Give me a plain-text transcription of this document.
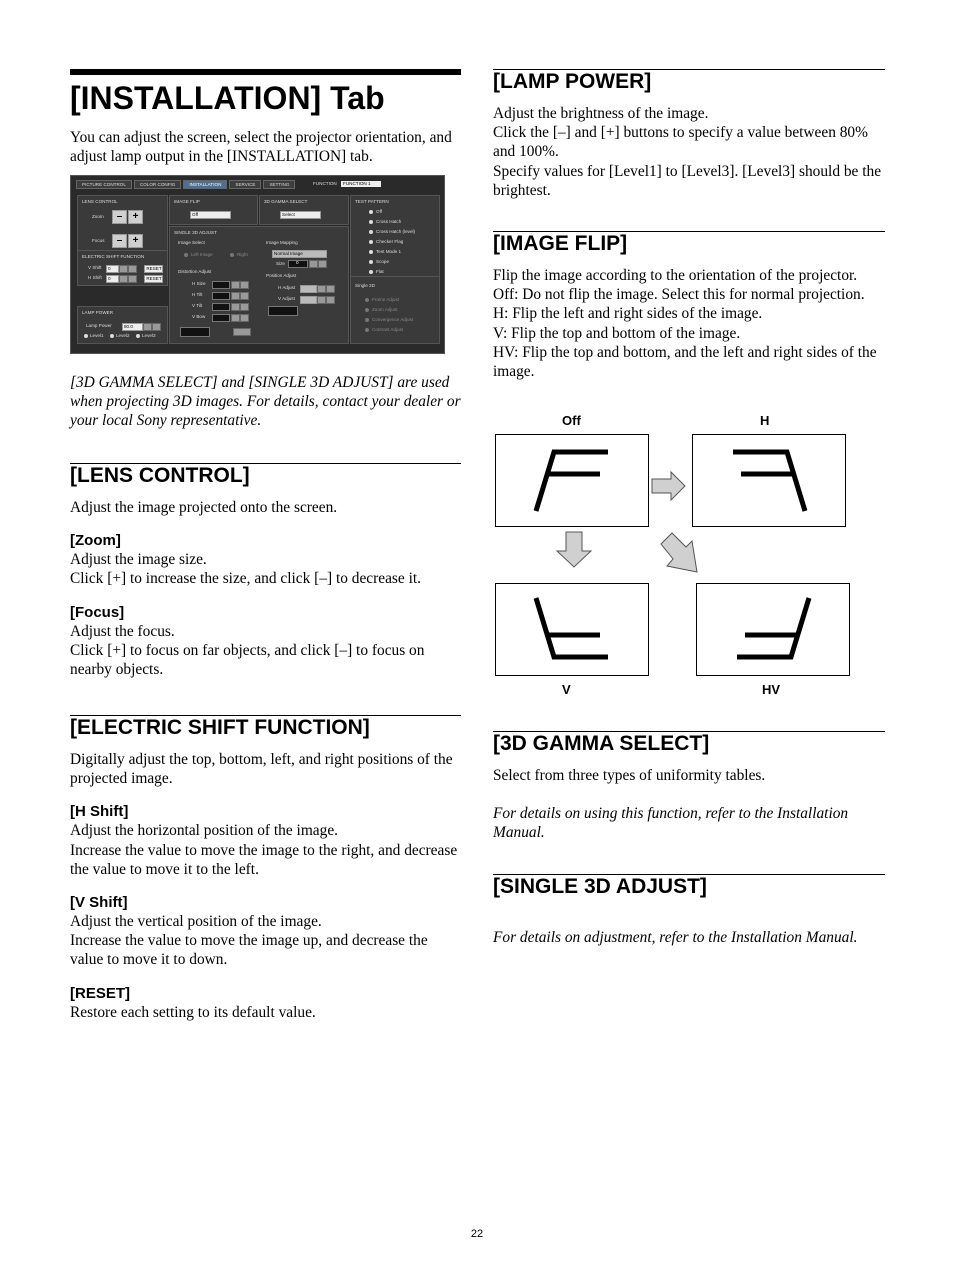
[INSTALLATION] Tab

You can adjust the screen, select the projector orientation, and adjust lamp output in the [INSTALLATION] tab.

PICTURE CONTROL	COLOR CONFIG	INSTALLATION	SERVICE	SETTING	FUNCTION FUNCTION 1
LENS CONTROL
Zoom	–	+
Focus	–	+
ELECTRIC SHIFT FUNCTION
V Shift	0	RESET
H Shift	0	RESET
LAMP POWER
Lamp Power	80.0
Level1	Level2	Level3
IMAGE FLIP
Off
3D GAMMA SELECT
Select
SINGLE 3D ADJUST
Image Select
Left Image	Right
Distortion Adjust
H Size
H Tilt
V Tilt
V Bow
Image Mapping
Normal Image
Size 0
Position Adjust
H Adjust
V Adjust
TEST PATTERN
Off
Cross Hatch
Cross Hatch (level)
Checker Flag
Test Mode 1
Scope
Flat
Single 3D
Frame Adjust
Zoom Adjust
Convergence Adjust
Contrast Adjust

[3D GAMMA SELECT] and [SINGLE 3D ADJUST] are used when projecting 3D images. For details, contact your dealer or your local Sony representative.

[LENS CONTROL]

Adjust the image projected onto the screen.

[Zoom]

Adjust the image size.

Click [+] to increase the size, and click [–] to decrease it.

[Focus]

Adjust the focus.

Click [+] to focus on far objects, and click [–] to focus on nearby objects.

[ELECTRIC SHIFT FUNCTION]

Digitally adjust the top, bottom, left, and right positions of the projected image.

[H Shift]

Adjust the horizontal position of the image.

Increase the value to move the image to the right, and decrease the value to move it to the left.

[V Shift]

Adjust the vertical position of the image.

Increase the value to move the image up, and decrease the value to move it to down.

[RESET]

Restore each setting to its default value.

[LAMP POWER]

Adjust the brightness of the image.

Click the [–] and [+] buttons to specify a value between 80% and 100%.

Specify values for [Level1] to [Level3]. [Level3] should be the brightest.

[IMAGE FLIP]

Flip the image according to the orientation of the projector.

Off: Do not flip the image. Select this for normal projection.

H: Flip the left and right sides of the image.

V: Flip the top and bottom of the image.

HV: Flip the top and bottom, and the left and right sides of the image.

Off	H
V	HV
[3D GAMMA SELECT]

Select from three types of uniformity tables.

For details on using this function, refer to the Installation Manual.

[SINGLE 3D ADJUST]

For details on adjustment, refer to the Installation Manual.

22
